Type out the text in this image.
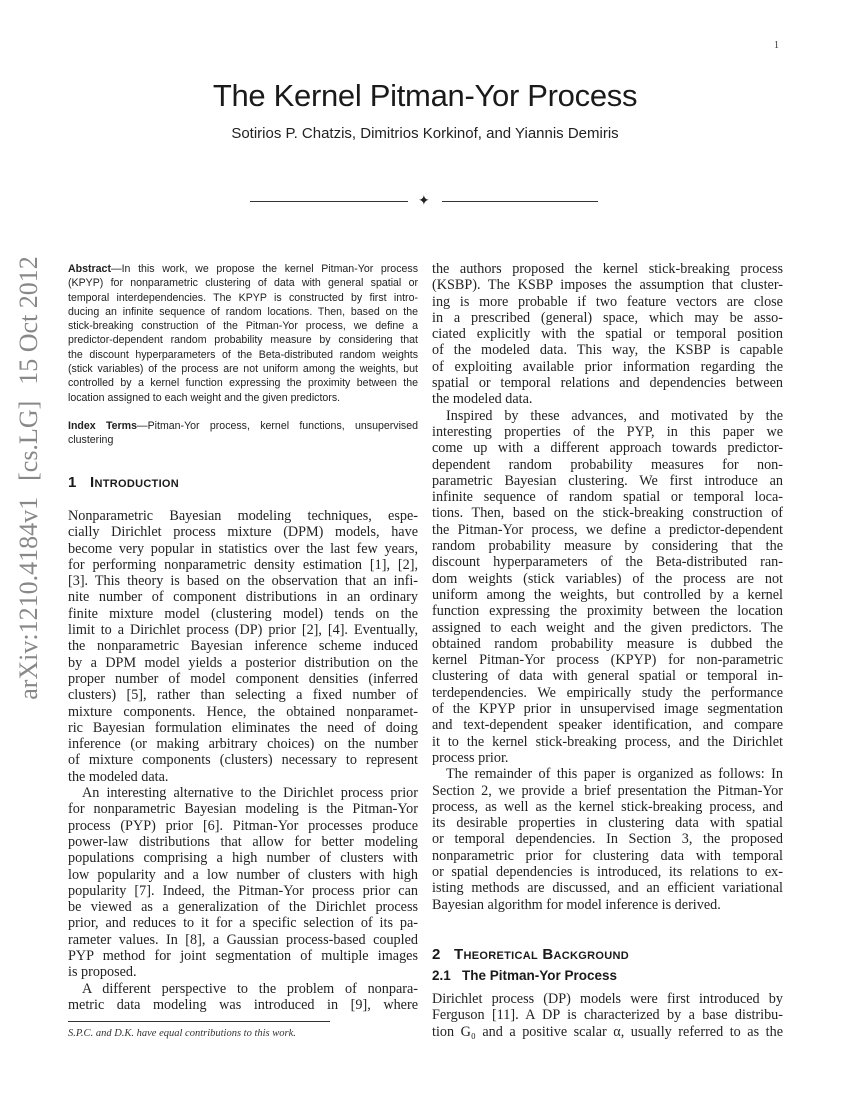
1
The Kernel Pitman-Yor Process
Sotirios P. Chatzis, Dimitrios Korkinof, and Yiannis Demiris
✦
arXiv:1210.4184v1[cs.LG]15 Oct 2012 Abstract—In this work, we propose the kernel Pitman-Yor process
(KPYP) for nonparametric clustering of data with general spatial or
temporal interdependencies. The KPYP is constructed by first intro-
ducing an infinite sequence of random locations. Then, based on the
stick-breaking construction of the Pitman-Yor process, we define a
predictor-dependent random probability measure by considering that
the discount hyperparameters of the Beta-distributed random weights
(stick variables) of the process are not uniform among the weights, but
controlled by a kernel function expressing the proximity between the
location assigned to each weight and the given predictors.
Index Terms—Pitman-Yor process, kernel functions, unsupervised
clustering
1 Introduction
Nonparametric Bayesian modeling techniques, espe-
cially Dirichlet process mixture (DPM) models, have
become very popular in statistics over the last few years,
for performing nonparametric density estimation [1], [2],
[3]. This theory is based on the observation that an infi-
nite number of component distributions in an ordinary
finite mixture model (clustering model) tends on the
limit to a Dirichlet process (DP) prior [2], [4]. Eventually,
the nonparametric Bayesian inference scheme induced
by a DPM model yields a posterior distribution on the
proper number of model component densities (inferred
clusters) [5], rather than selecting a fixed number of
mixture components. Hence, the obtained nonparamet-
ric Bayesian formulation eliminates the need of doing
inference (or making arbitrary choices) on the number
of mixture components (clusters) necessary to represent
the modeled data.
An interesting alternative to the Dirichlet process prior
for nonparametric Bayesian modeling is the Pitman-Yor
process (PYP) prior [6]. Pitman-Yor processes produce
power-law distributions that allow for better modeling
populations comprising a high number of clusters with
low popularity and a low number of clusters with high
popularity [7]. Indeed, the Pitman-Yor process prior can
be viewed as a generalization of the Dirichlet process
prior, and reduces to it for a specific selection of its pa-
rameter values. In [8], a Gaussian process-based coupled
PYP method for joint segmentation of multiple images
is proposed.
A different perspective to the problem of nonpara-
metric data modeling was introduced in [9], where
S.P.C. and D.K. have equal contributions to this work.
the authors proposed the kernel stick-breaking process
(KSBP). The KSBP imposes the assumption that cluster-
ing is more probable if two feature vectors are close
in a prescribed (general) space, which may be asso-
ciated explicitly with the spatial or temporal position
of the modeled data. This way, the KSBP is capable
of exploiting available prior information regarding the
spatial or temporal relations and dependencies between
the modeled data.
Inspired by these advances, and motivated by the
interesting properties of the PYP, in this paper we
come up with a different approach towards predictor-
dependent random probability measures for non-
parametric Bayesian clustering. We first introduce an
infinite sequence of random spatial or temporal loca-
tions. Then, based on the stick-breaking construction of
the Pitman-Yor process, we define a predictor-dependent
random probability measure by considering that the
discount hyperparameters of the Beta-distributed ran-
dom weights (stick variables) of the process are not
uniform among the weights, but controlled by a kernel
function expressing the proximity between the location
assigned to each weight and the given predictors. The
obtained random probability measure is dubbed the
kernel Pitman-Yor process (KPYP) for non-parametric
clustering of data with general spatial or temporal in-
terdependencies. We empirically study the performance
of the KPYP prior in unsupervised image segmentation
and text-dependent speaker identification, and compare
it to the kernel stick-breaking process, and the Dirichlet
process prior.
The remainder of this paper is organized as follows: In
Section 2, we provide a brief presentation the Pitman-Yor
process, as well as the kernel stick-breaking process, and
its desirable properties in clustering data with spatial
or temporal dependencies. In Section 3, the proposed
nonparametric prior for clustering data with temporal
or spatial dependencies is introduced, its relations to ex-
isting methods are discussed, and an efficient variational
Bayesian algorithm for model inference is derived.
2 Theoretical Background
2.1 The Pitman-Yor Process
Dirichlet process (DP) models were first introduced by
Ferguson [11]. A DP is characterized by a base distribu-
tion G₀ and a positive scalar α, usually referred to as the
